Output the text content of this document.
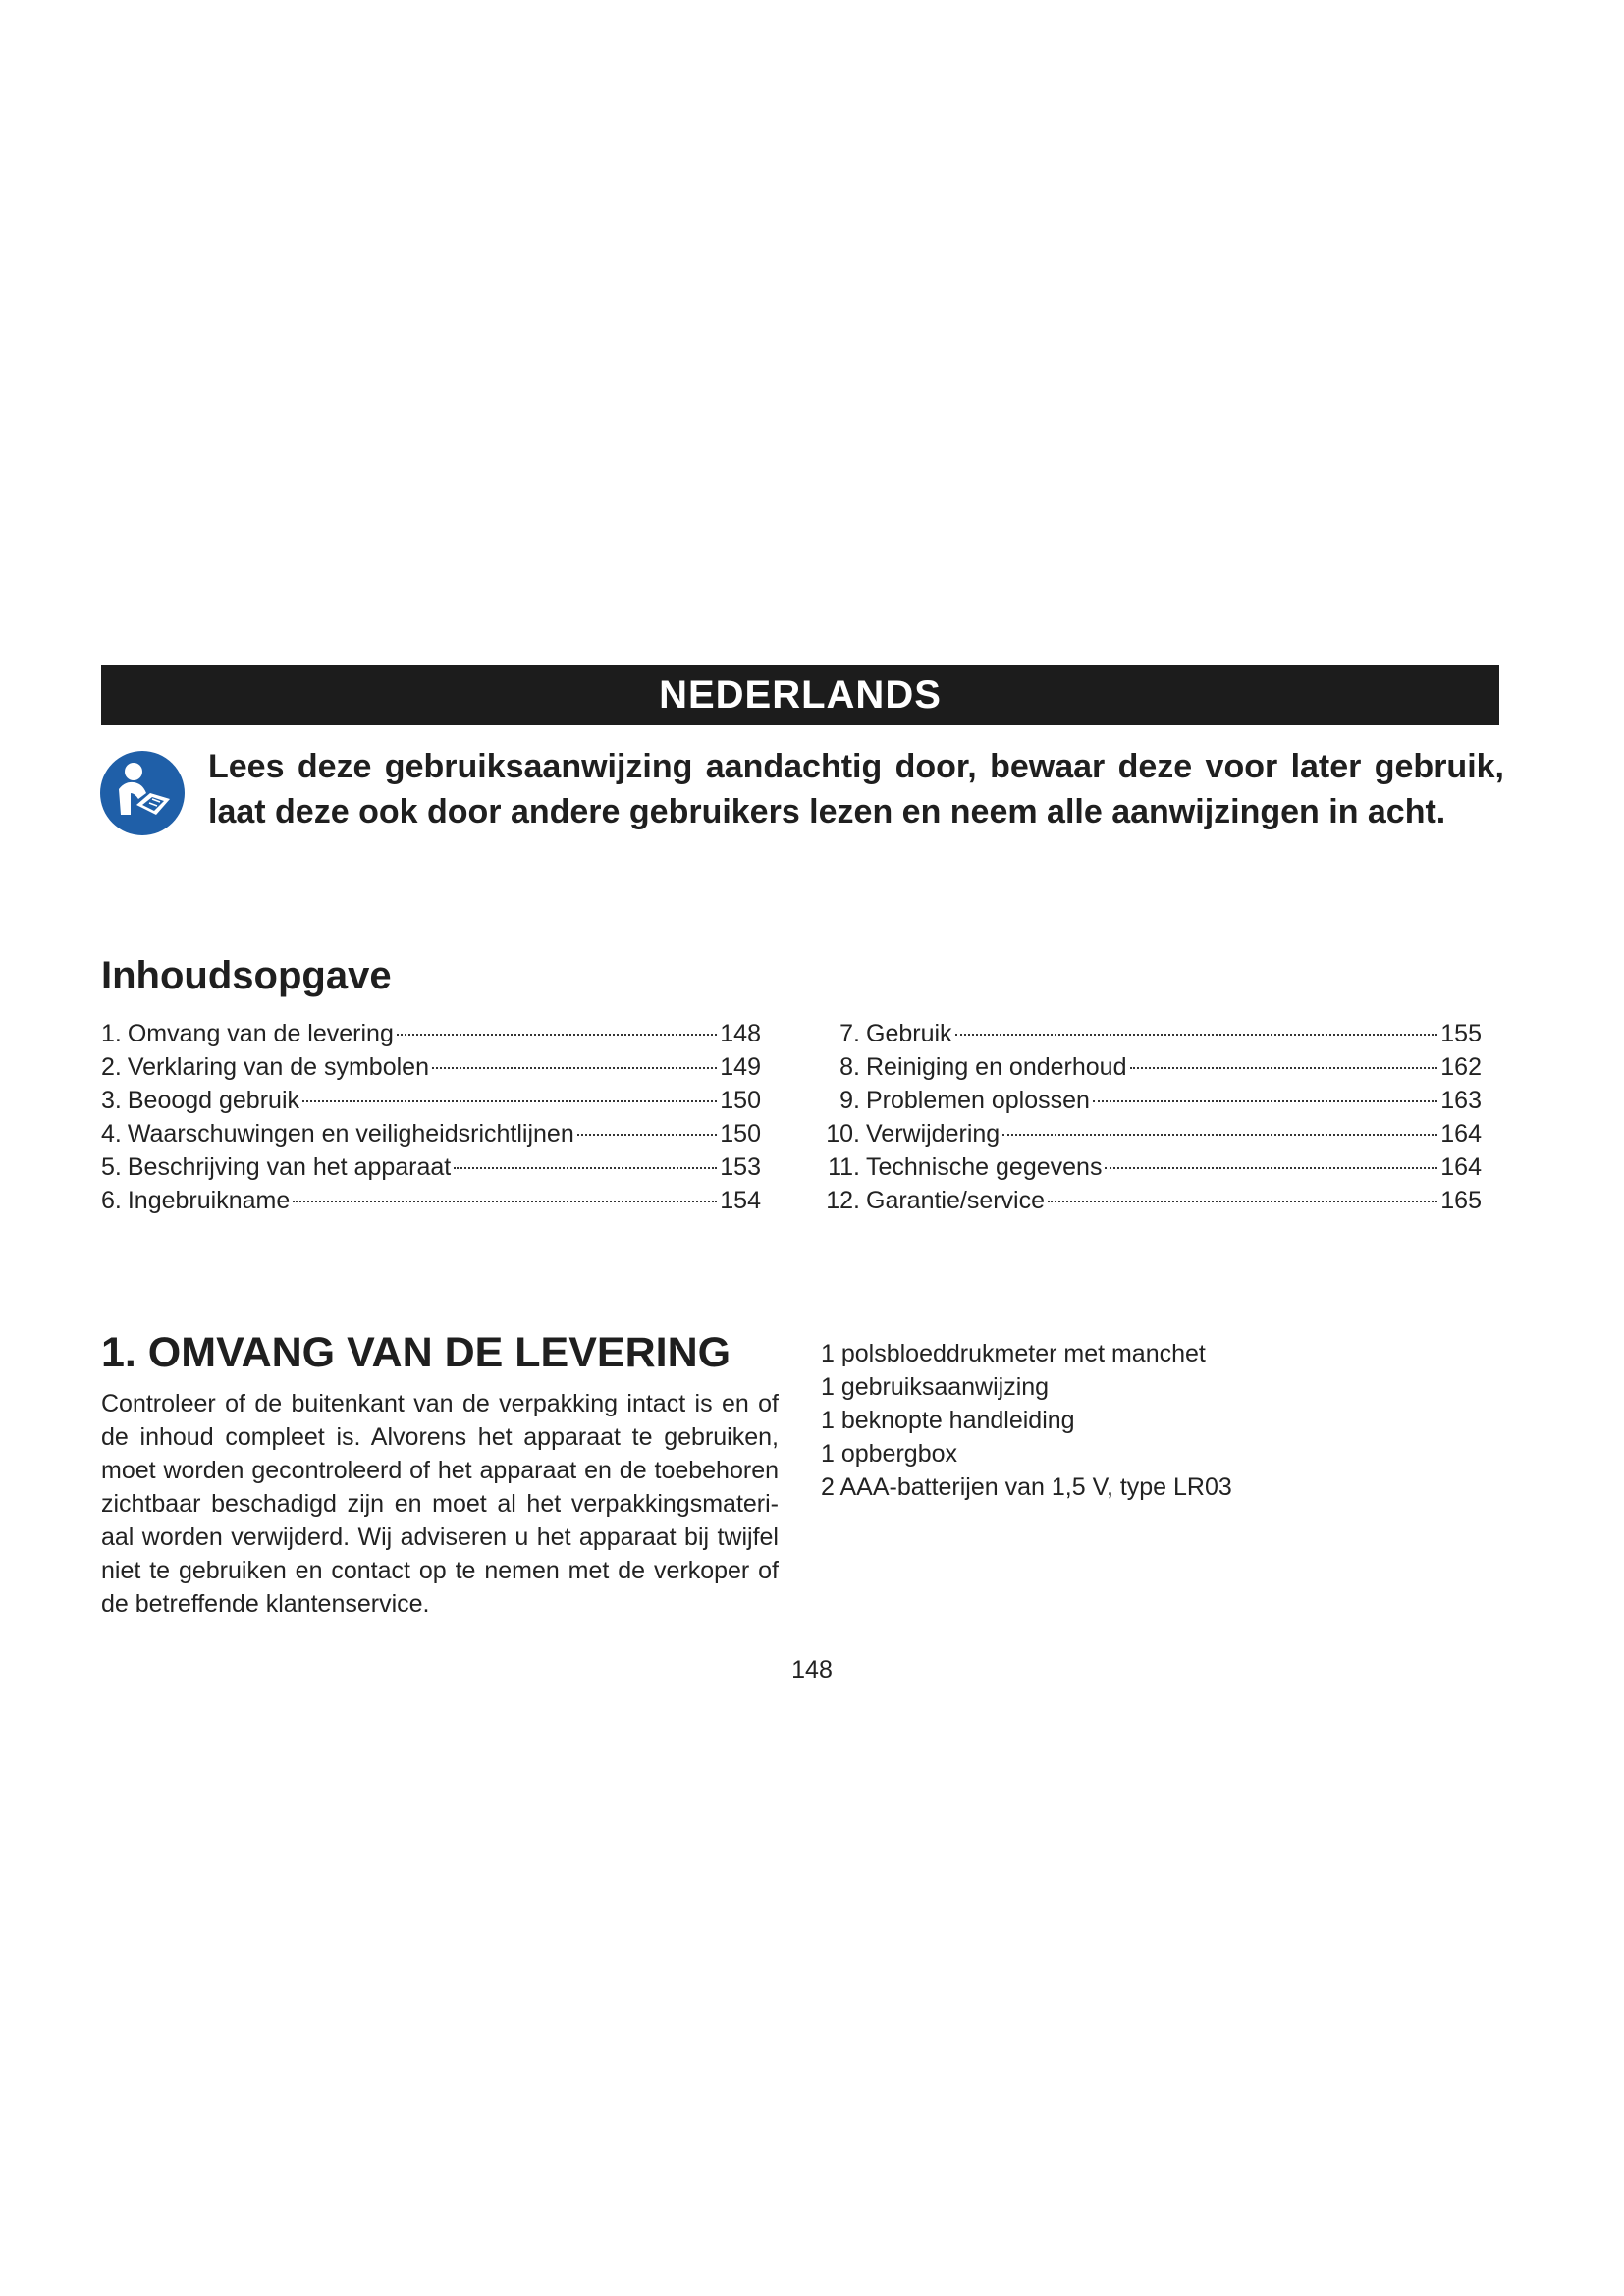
NEDERLANDS
Lees deze gebruiksaanwijzing aandachtig door, bewaar deze voor later gebruik, laat deze ook door andere gebruikers lezen en neem alle aanwijzingen in acht.
Inhoudsopgave
1. Omvang van de levering	148
2. Verklaring van de symbolen	149
3. Beoogd gebruik	150
4. Waarschuwingen en veiligheidsrichtlijnen	150
5. Beschrijving van het apparaat	153
6. Ingebruikname	154
7. Gebruik	155
8. Reiniging en onderhoud	162
9. Problemen oplossen	163
10. Verwijdering	164
11. Technische gegevens	164
12. Garantie/service	165
1. OMVANG VAN DE LEVERING

Controleer of de buitenkant van de verpakking intact is en of de inhoud compleet is. Alvorens het apparaat te gebruiken, moet worden gecontroleerd of het apparaat en de toebehoren zichtbaar beschadigd zijn en moet al het verpakkingsmateri-aal worden verwijderd. Wij adviseren u het apparaat bij twijfel niet te gebruiken en contact op te nemen met de verkoper of de betreffende klantenservice.

1 polsbloeddrukmeter met manchet
1 gebruiksaanwijzing
1 beknopte handleiding
1 opbergbox
2 AAA-batterijen van 1,5 V, type LR03
148
